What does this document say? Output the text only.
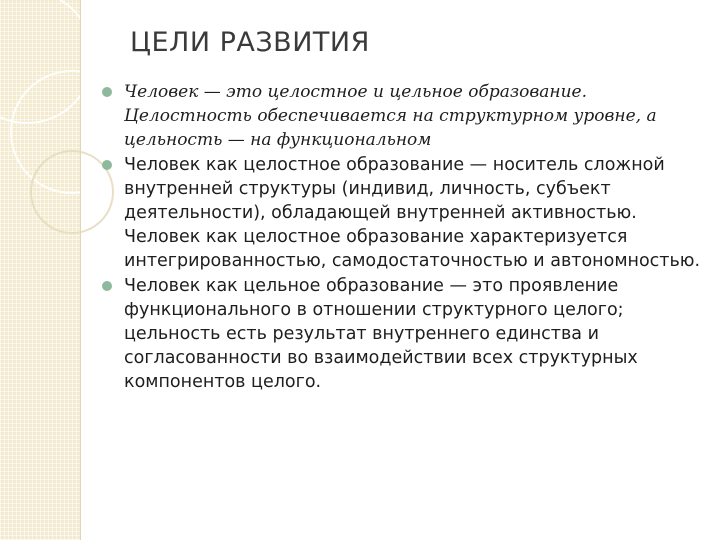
ЦЕЛИ РАЗВИТИЯ
Человек — это целостное и цельное образование. Целостность обеспечивается на структурном уровне, а цельность — на функциональном
Человек как целостное образование — носитель сложной внутренней структуры (индивид, личность, субъект деятельности), обладающей внутренней активностью. Человек как целостное образование характеризуется интегрированностью, самодостаточностью и автономностью.
Человек как цельное образование — это проявление функционального в отношении структурного целого; цельность есть результат внутреннего единства и согласованности во взаимодействии всех структурных компонентов целого.
